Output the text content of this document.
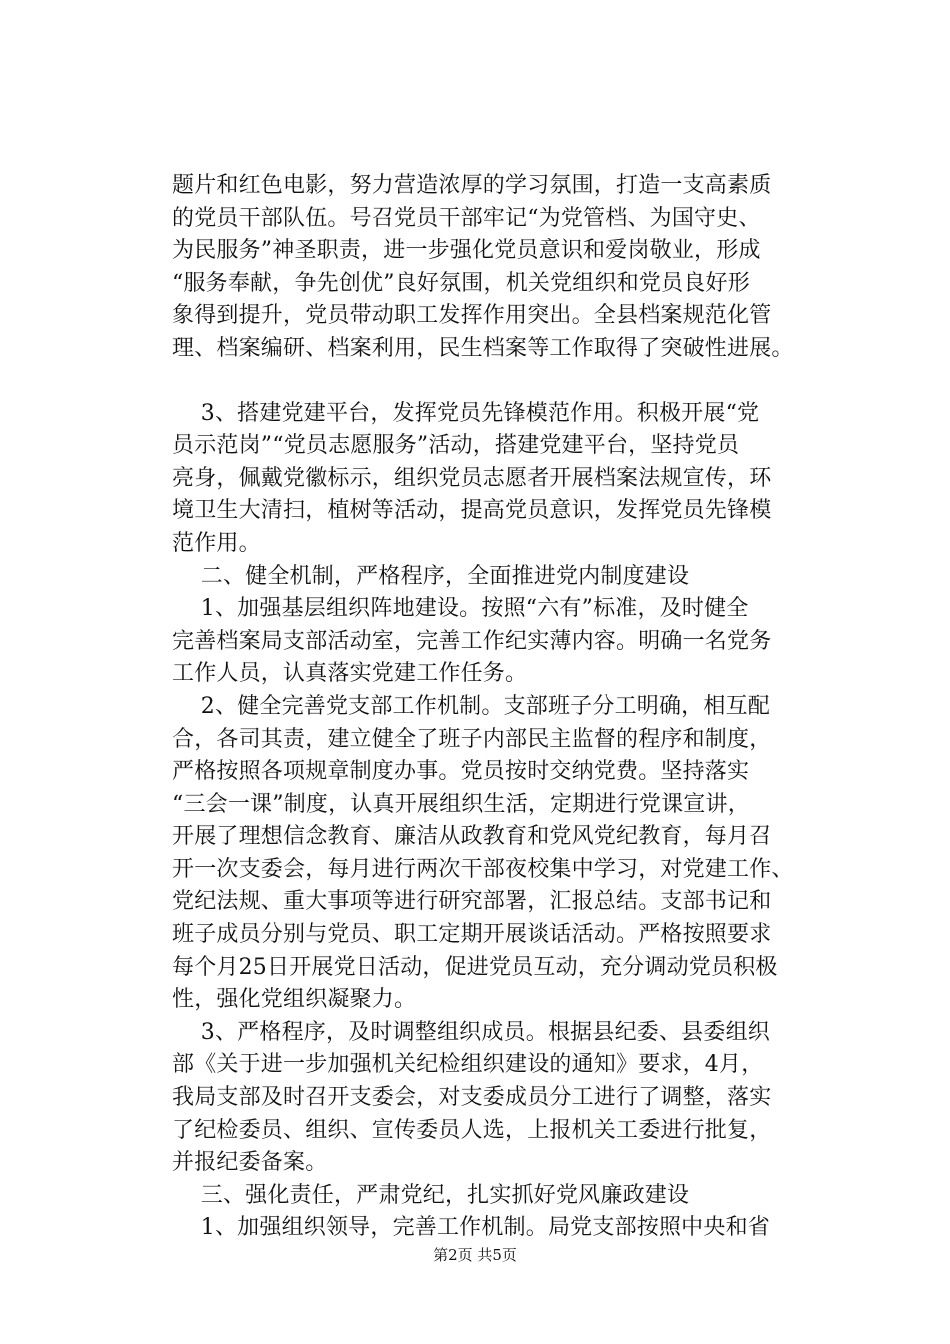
题片和红色电影，努力营造浓厚的学习氛围，打造一支高素质

的党员干部队伍。号召党员干部牢记“为党管档、为国守史、

为民服务”神圣职责，进一步强化党员意识和爱岗敬业，形成

“服务奉献，争先创优”良好氛围，机关党组织和党员良好形

象得到提升，党员带动职工发挥作用突出。全县档案规范化管

理、档案编研、档案利用，民生档案等工作取得了突破性进展。

3、搭建党建平台，发挥党员先锋模范作用。积极开展“党

员示范岗”“党员志愿服务”活动，搭建党建平台，坚持党员

亮身，佩戴党徽标示，组织党员志愿者开展档案法规宣传，环

境卫生大清扫，植树等活动，提高党员意识，发挥党员先锋模

范作用。

二、健全机制，严格程序，全面推进党内制度建设

1、加强基层组织阵地建设。按照“六有”标准，及时健全

完善档案局支部活动室，完善工作纪实薄内容。明确一名党务

工作人员，认真落实党建工作任务。

2、健全完善党支部工作机制。支部班子分工明确，相互配

合，各司其责，建立健全了班子内部民主监督的程序和制度，

严格按照各项规章制度办事。党员按时交纳党费。坚持落实

“三会一课”制度，认真开展组织生活，定期进行党课宣讲，

开展了理想信念教育、廉洁从政教育和党风党纪教育，每月召

开一次支委会，每月进行两次干部夜校集中学习，对党建工作、

党纪法规、重大事项等进行研究部署，汇报总结。支部书记和

班子成员分别与党员、职工定期开展谈话活动。严格按照要求

每个月25日开展党日活动，促进党员互动，充分调动党员积极

性，强化党组织凝聚力。

3、严格程序，及时调整组织成员。根据县纪委、县委组织

部《关于进一步加强机关纪检组织建设的通知》要求，4月，

我局支部及时召开支委会，对支委成员分工进行了调整，落实

了纪检委员、组织、宣传委员人选，上报机关工委进行批复，

并报纪委备案。

三、强化责任，严肃党纪，扎实抓好党风廉政建设

1、加强组织领导，完善工作机制。局党支部按照中央和省

第2页 共5页
